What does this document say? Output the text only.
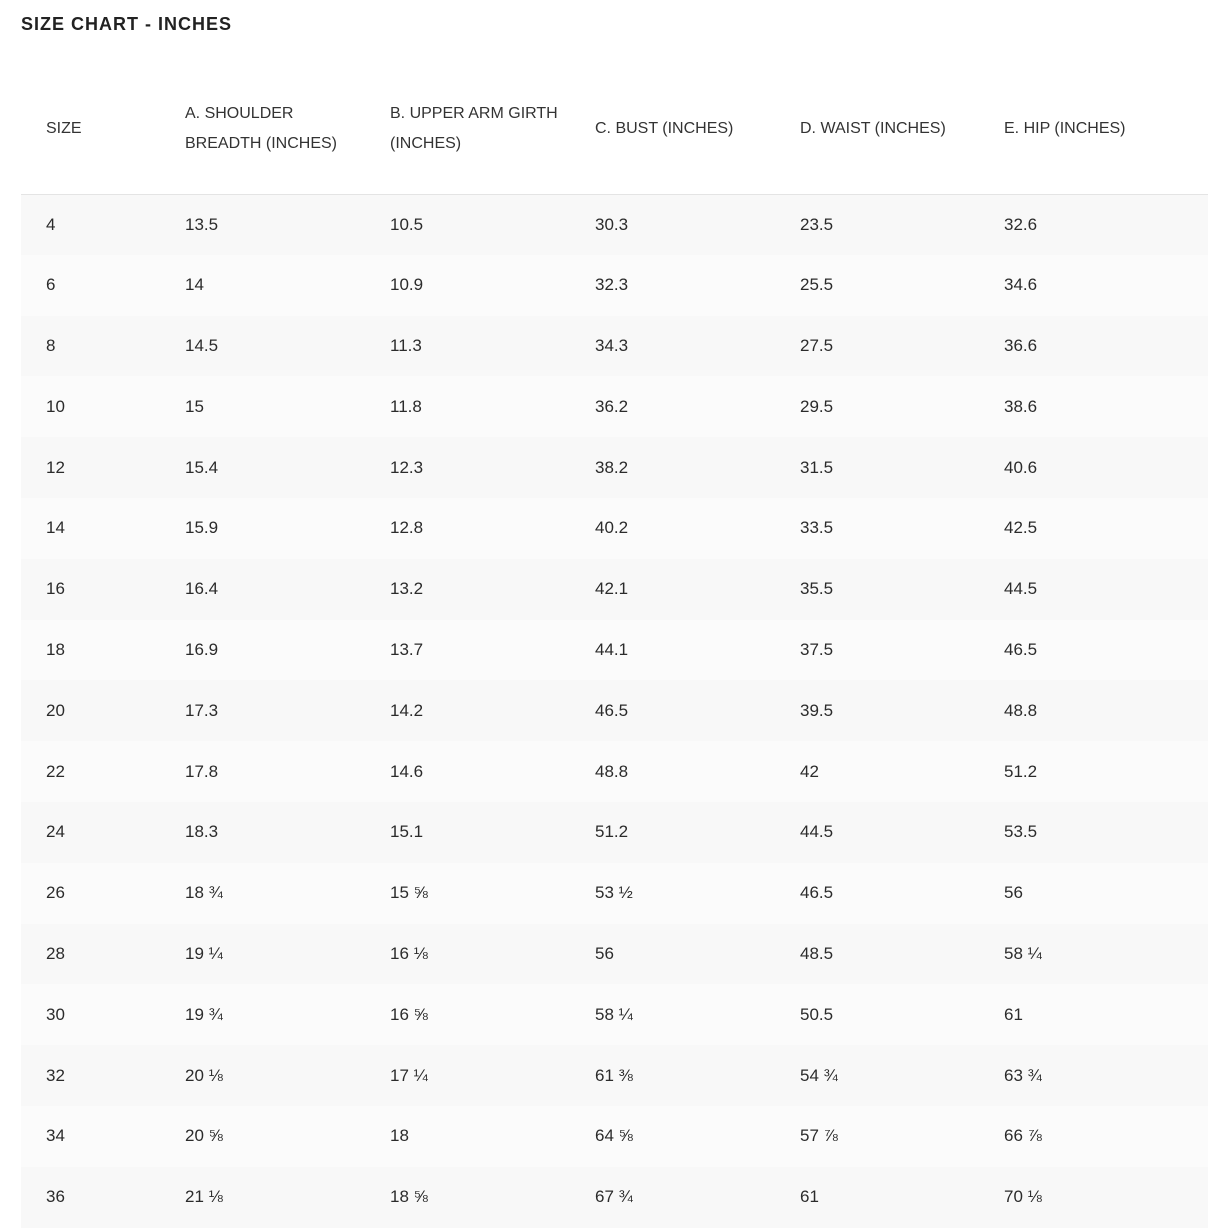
SIZE CHART - INCHES
SIZE	A. SHOULDER BREADTH (INCHES)	B. UPPER ARM GIRTH (INCHES)	C. BUST (INCHES)	D. WAIST (INCHES)	E. HIP (INCHES)
4	13.5	10.5	30.3	23.5	32.6
6	14	10.9	32.3	25.5	34.6
8	14.5	11.3	34.3	27.5	36.6
10	15	11.8	36.2	29.5	38.6
12	15.4	12.3	38.2	31.5	40.6
14	15.9	12.8	40.2	33.5	42.5
16	16.4	13.2	42.1	35.5	44.5
18	16.9	13.7	44.1	37.5	46.5
20	17.3	14.2	46.5	39.5	48.8
22	17.8	14.6	48.8	42	51.2
24	18.3	15.1	51.2	44.5	53.5
26	18 ¾	15 ⅝	53 ½	46.5	56
28	19 ¼	16 ⅛	56	48.5	58 ¼
30	19 ¾	16 ⅝	58 ¼	50.5	61
32	20 ⅛	17 ¼	61 ⅜	54 ¾	63 ¾
34	20 ⅝	18	64 ⅝	57 ⅞	66 ⅞
36	21 ⅛	18 ⅝	67 ¾	61	70 ⅛
